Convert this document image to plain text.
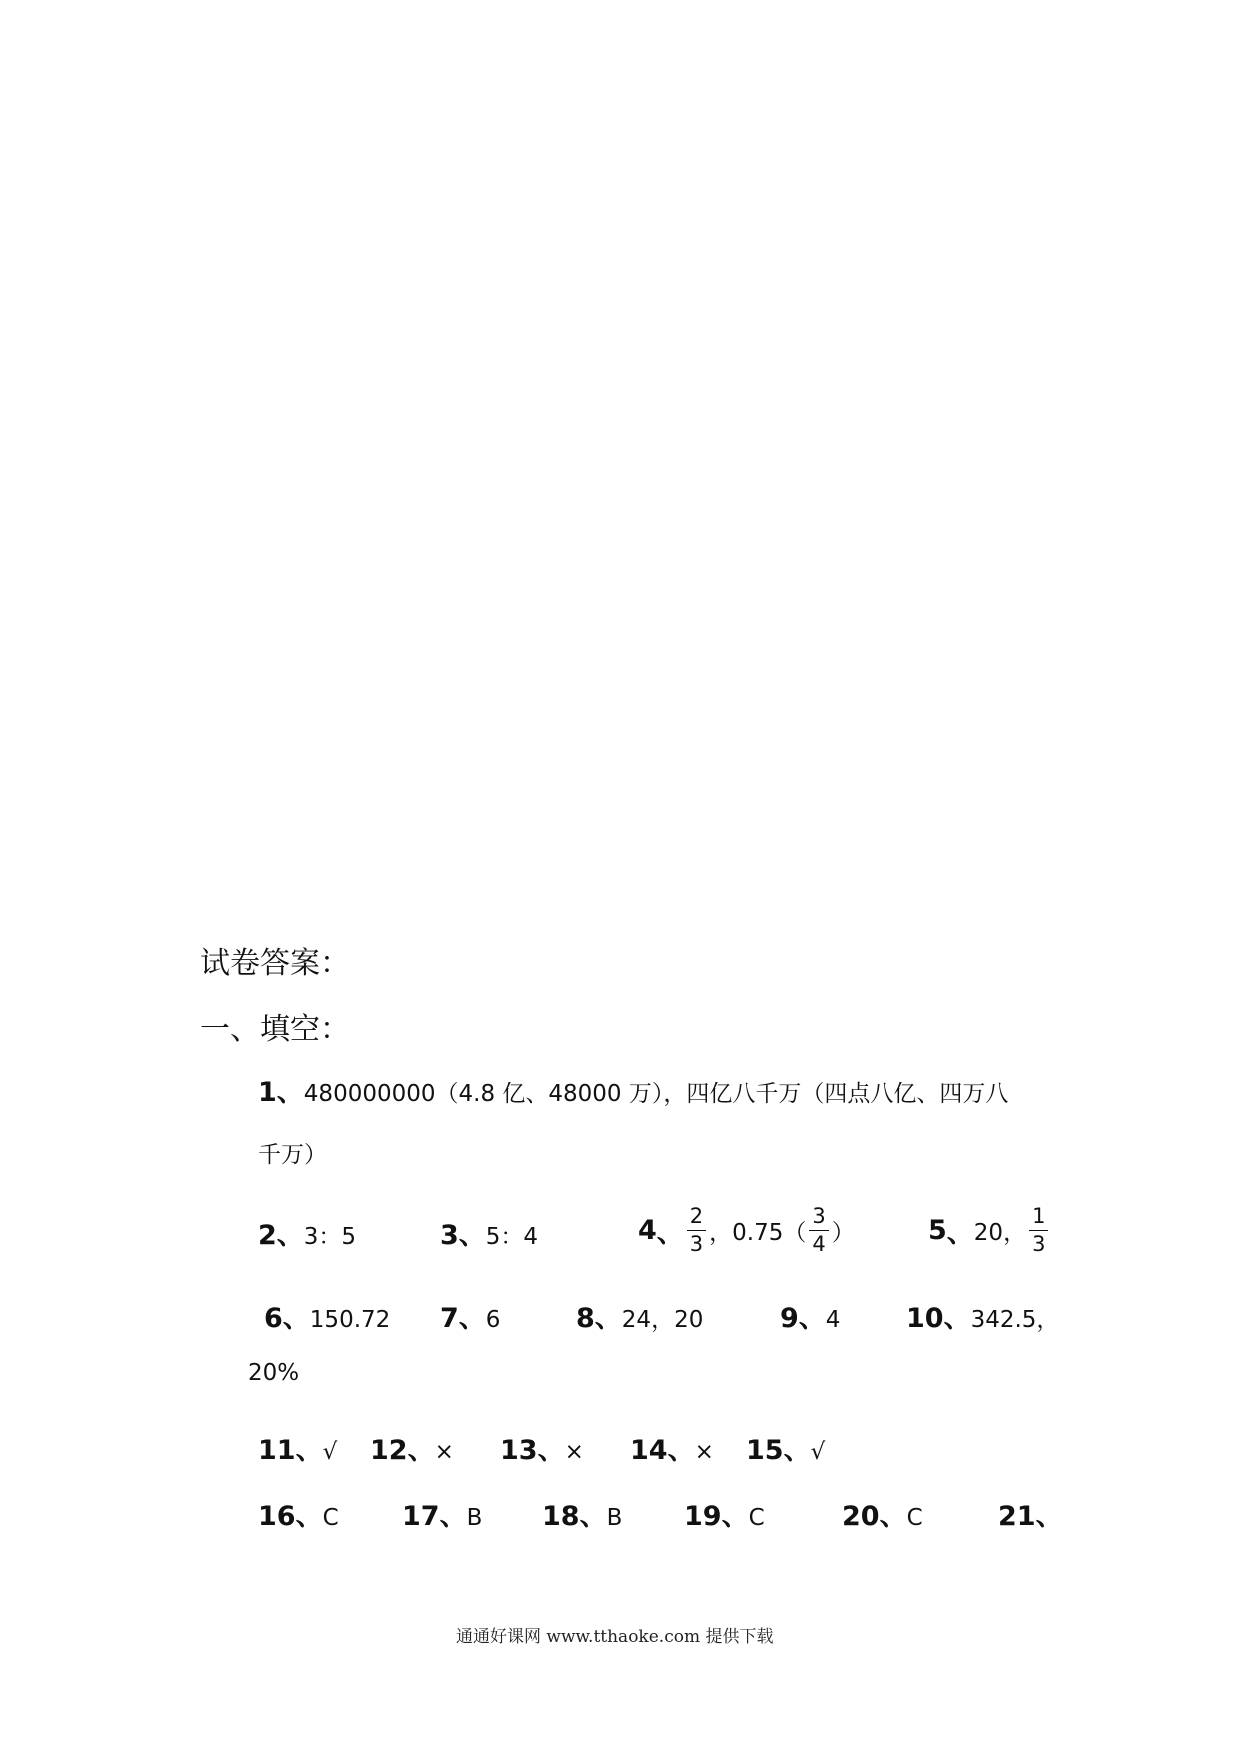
试卷答案：
一、填空：
1、480000000（4.8 亿、48000 万），四亿八千万（四点八亿、四万八
千万）
2、3：5	3、5：4	4 、 $\frac{2}{3}$ ，$0.75( \frac{3}{4}$ ）	5 、 20， $\frac{1}{3}$
6、150.72 7、6	8、24，20	9、4 10、342.5，
20%
11、√ 12、× 13、× 14、× 15、√
16、C 17、B 18、B 19、C	20、C	21、
通通好课网 www.tthaoke.com 提供下载
